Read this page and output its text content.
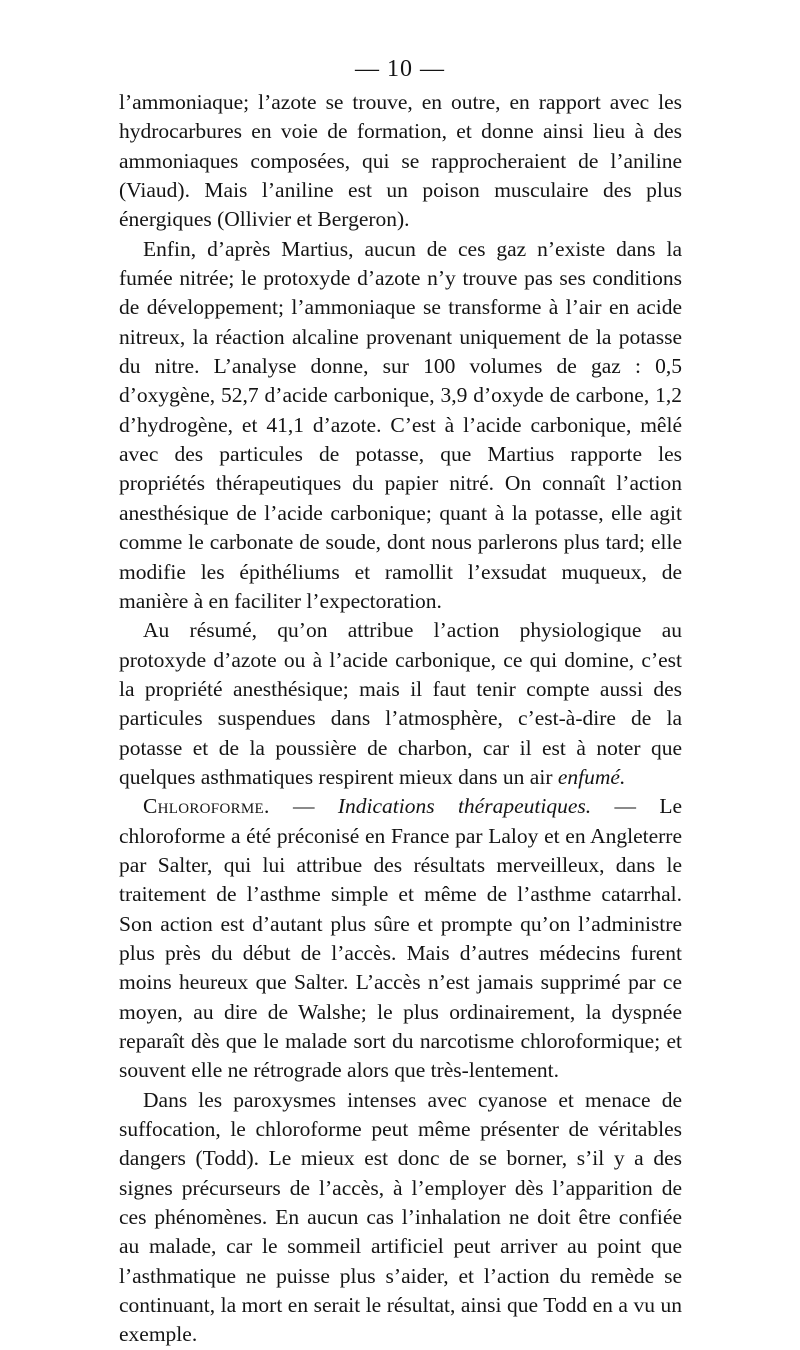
— 10 —

l’ammoniaque; l’azote se trouve, en outre, en rapport avec les hydrocarbures en voie de formation, et donne ainsi lieu à des ammoniaques composées, qui se rapprocheraient de l’aniline (Viaud). Mais l’aniline est un poison musculaire des plus énergiques (Ollivier et Bergeron).

Enfin, d’après Martius, aucun de ces gaz n’existe dans la fumée nitrée; le protoxyde d’azote n’y trouve pas ses conditions de développement; l’ammoniaque se transforme à l’air en acide nitreux, la réaction alcaline provenant uniquement de la potasse du nitre. L’analyse donne, sur 100 volumes de gaz : 0,5 d’oxygène, 52,7 d’acide carbonique, 3,9 d’oxyde de carbone, 1,2 d’hydrogène, et 41,1 d’azote. C’est à l’acide carbonique, mêlé avec des particules de potasse, que Martius rapporte les propriétés thérapeutiques du papier nitré. On connaît l’action anesthésique de l’acide carbonique; quant à la potasse, elle agit comme le carbonate de soude, dont nous parlerons plus tard; elle modifie les épithéliums et ramollit l’exsudat muqueux, de manière à en faciliter l’expectoration.

Au résumé, qu’on attribue l’action physiologique au protoxyde d’azote ou à l’acide carbonique, ce qui domine, c’est la propriété anesthésique; mais il faut tenir compte aussi des particules suspendues dans l’atmosphère, c’est-à-dire de la potasse et de la poussière de charbon, car il est à noter que quelques asthmatiques respirent mieux dans un air enfumé.

Chloroforme. — Indications thérapeutiques. — Le chloroforme a été préconisé en France par Laloy et en Angleterre par Salter, qui lui attribue des résultats merveilleux, dans le traitement de l’asthme simple et même de l’asthme catarrhal. Son action est d’autant plus sûre et prompte qu’on l’administre plus près du début de l’accès. Mais d’autres médecins furent moins heureux que Salter. L’accès n’est jamais supprimé par ce moyen, au dire de Walshe; le plus ordinairement, la dyspnée reparaît dès que le malade sort du narcotisme chloroformique; et souvent elle ne rétrograde alors que très-lentement.

Dans les paroxysmes intenses avec cyanose et menace de suffocation, le chloroforme peut même présenter de véritables dangers (Todd). Le mieux est donc de se borner, s’il y a des signes précurseurs de l’accès, à l’employer dès l’apparition de ces phénomènes. En aucun cas l’inhalation ne doit être confiée au malade, car le sommeil artificiel peut arriver au point que l’asthmatique ne puisse plus s’aider, et l’action du remède se continuant, la mort en serait le résultat, ainsi que Todd en a vu un exemple.
